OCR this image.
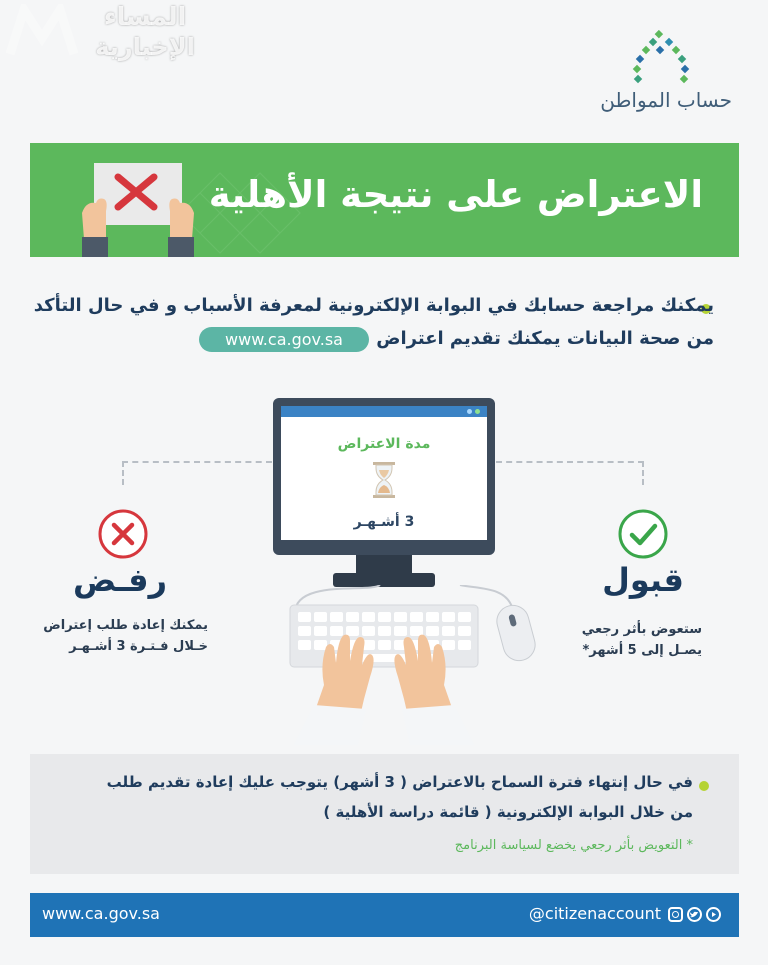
المساء
الإخبارية
حساب المواطن
الاعتراض على نتيجة الأهلية
يمكنك مراجعة حسابك في البوابة الإلكترونية لمعرفة الأسباب و في حال التأكد
من صحة البيانات يمكنك تقديم اعتراض
www.ca.gov.sa
مدة الاعتراض
3 أشـهـر
رفـض
يمكنك إعادة طلب إعتراض
خـلال فـتـرة 3 أشـهـر
قبول
ستعوض بأثر رجعي
يصـل إلى 5 أشهر*
في حال إنتهاء فترة السماح بالاعتراض ( 3 أشهر) يتوجب عليك إعادة تقديم طلب
من خلال البوابة الإلكترونية ( قائمة دراسة الأهلية )
* التعويض بأثر رجعي يخضع لسياسة البرنامج
www.ca.gov.sa	@citizenaccount
